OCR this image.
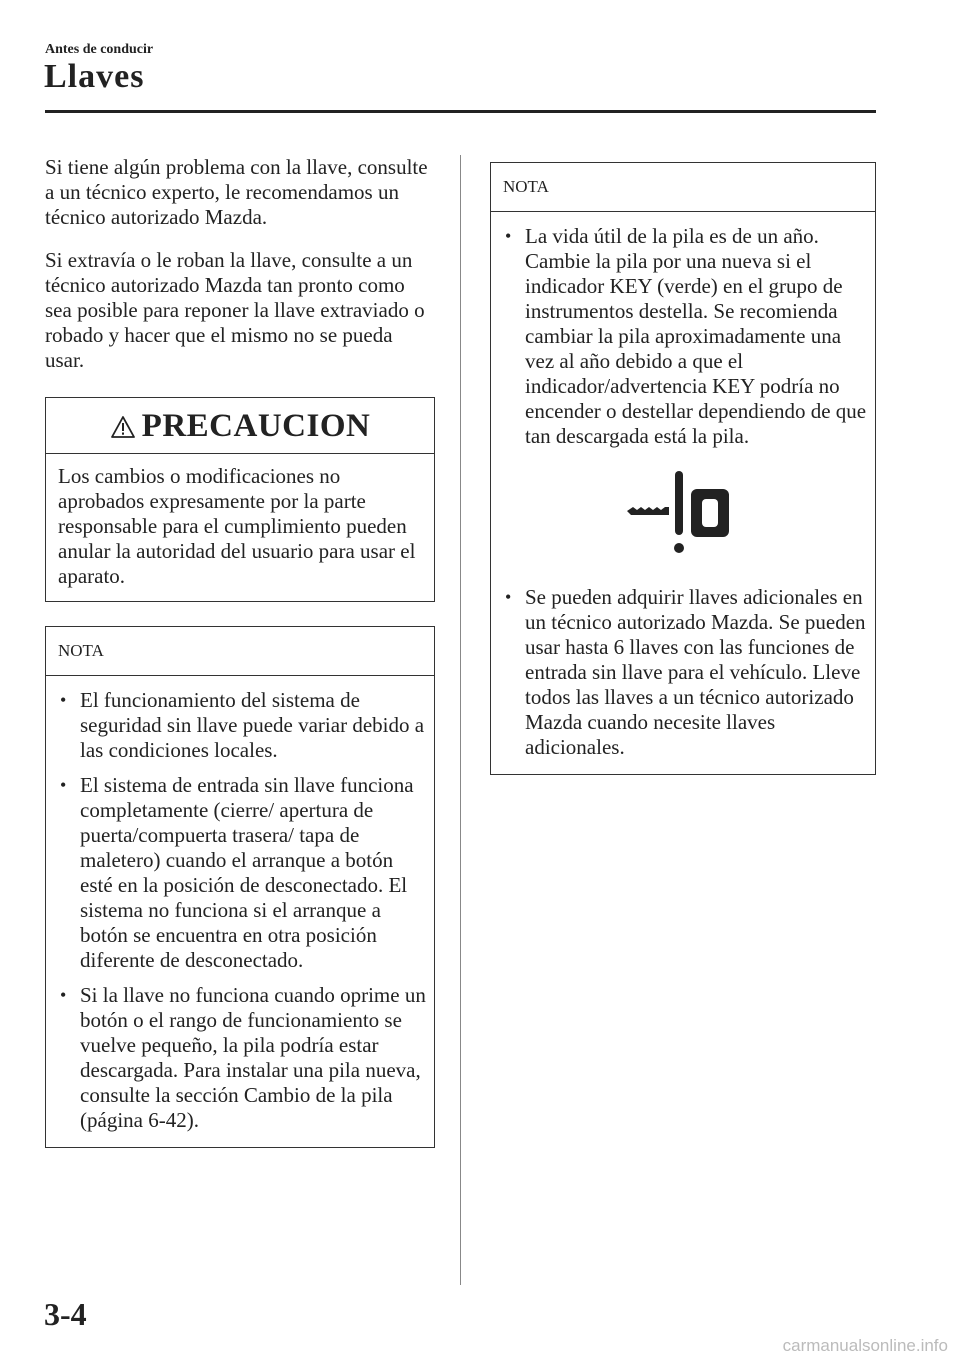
Antes de conducir
Llaves

Si tiene algún problema con la llave, consulte a un técnico experto, le recomendamos un técnico autorizado Mazda.

Si extravía o le roban la llave, consulte a un técnico autorizado Mazda tan pronto como sea posible para reponer la llave extraviado o robado y hacer que el mismo no se pueda usar.

PRECAUCION
Los cambios o modificaciones no aprobados expresamente por la parte responsable para el cumplimiento pueden anular la autoridad del usuario para usar el aparato.
NOTA
• El funcionamiento del sistema de seguridad sin llave puede variar debido a las condiciones locales.
• El sistema de entrada sin llave funciona completamente (cierre/ apertura de puerta/compuerta trasera/ tapa de maletero) cuando el arranque a botón esté en la posición de desconectado. El sistema no funciona si el arranque a botón se encuentra en otra posición diferente de desconectado.
• Si la llave no funciona cuando oprime un botón o el rango de funcionamiento se vuelve pequeño, la pila podría estar descargada. Para instalar una pila nueva, consulte la sección Cambio de la pila (página 6-42).
NOTA
• La vida útil de la pila es de un año. Cambie la pila por una nueva si el indicador KEY (verde) en el grupo de instrumentos destella. Se recomienda cambiar la pila aproximadamente una vez al año debido a que el indicador/advertencia KEY podría no encender o destellar dependiendo de que tan descargada está la pila.
• Se pueden adquirir llaves adicionales en un técnico autorizado Mazda. Se pueden usar hasta 6 llaves con las funciones de entrada sin llave para el vehículo. Lleve todos las llaves a un técnico autorizado Mazda cuando necesite llaves adicionales.
3-4
carmanualsonline.info
